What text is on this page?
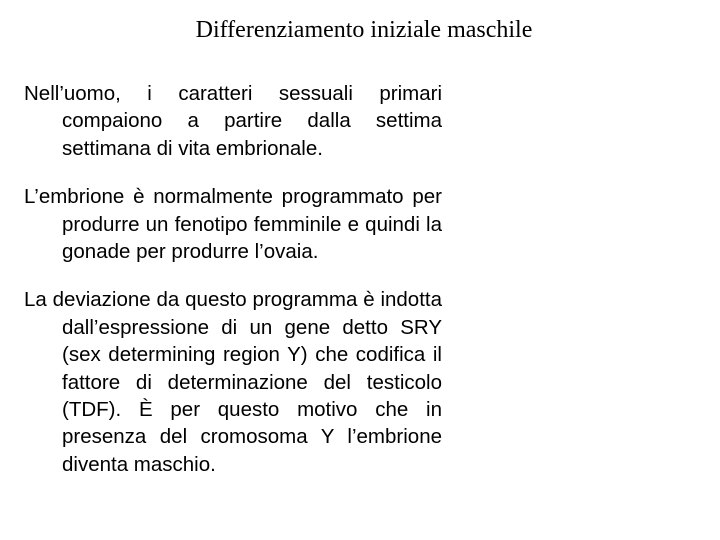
Differenziamento iniziale maschile

Nell’uomo, i caratteri sessuali primari compaiono a partire dalla settima settimana di vita embrionale.

L’embrione è normalmente programmato per produrre un fenotipo femminile e quindi la gonade per produrre l’ovaia.

La deviazione da questo programma è indotta dall’espressione di un gene detto SRY (sex determining region Y) che codifica il fattore di determinazione del testicolo (TDF). È per questo motivo che in presenza del cromosoma Y l’embrione diventa maschio.
